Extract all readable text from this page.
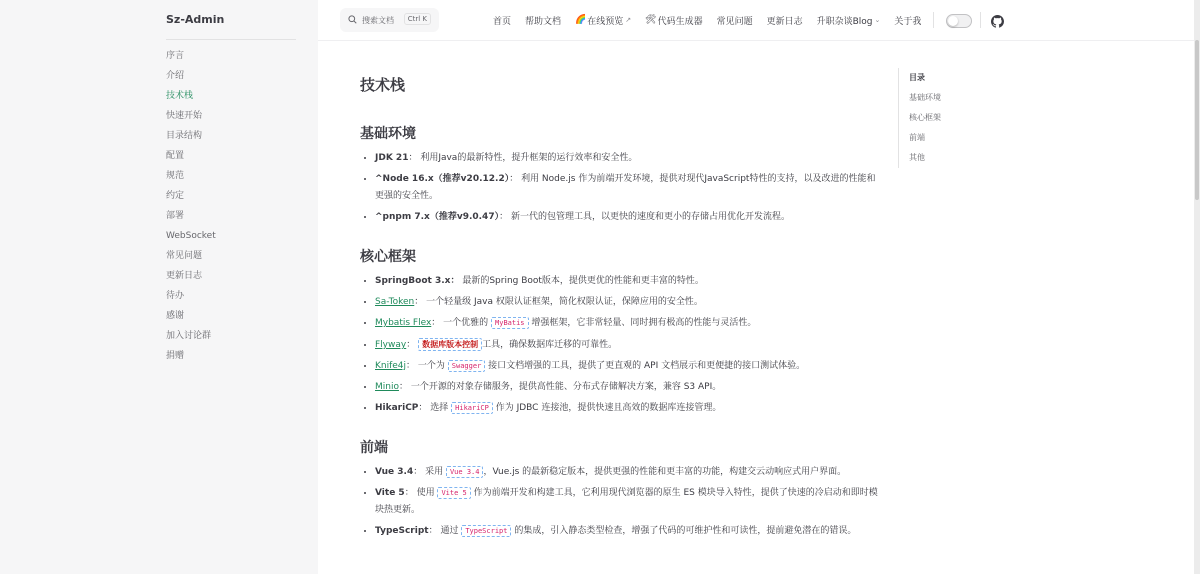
Sz-Admin
序言
介绍
技术栈
快速开始
目录结构
配置
规范
约定
部署
WebSocket
常见问题
更新日志
待办
感谢
加入讨论群
捐赠
搜索文档	Ctrl K	首页 帮助文档 🌈 在线预览 ↗ 🛠 代码生成器 常见问题 更新日志 升职杂谈Blog ⌄ 关于我
技术栈
基础环境
• JDK 21： 利用Java的最新特性，提升框架的运行效率和安全性。
• ^Node 16.x（推荐v20.12.2）： 利用 Node.js 作为前端开发环境，提供对现代JavaScript特性的支持，以及改进的性能和更强的安全性。
• ^pnpm 7.x（推荐v9.0.47）： 新一代的包管理工具，以更快的速度和更小的存储占用优化开发流程。
核心框架
• SpringBoot 3.x： 最新的Spring Boot版本，提供更优的性能和更丰富的特性。
• Sa-Token： 一个轻量级 Java 权限认证框架，简化权限认证，保障应用的安全性。
• Mybatis Flex： 一个优雅的 MyBatis 增强框架，它非常轻量、同时拥有极高的性能与灵活性。
• Flyway： 数据库版本控制 工具，确保数据库迁移的可靠性。
• Knife4j： 一个为 Swagger 接口文档增强的工具，提供了更直观的 API 文档展示和更便捷的接口测试体验。
• Minio： 一个开源的对象存储服务，提供高性能、分布式存储解决方案，兼容 S3 API。
• HikariCP： 选择 HikariCP 作为 JDBC 连接池，提供快速且高效的数据库连接管理。
前端
• Vue 3.4： 采用 Vue 3.4 ，Vue.js 的最新稳定版本，提供更强的性能和更丰富的功能，构建交云动响应式用户界面。
• Vite 5： 使用 Vite 5 作为前端开发和构建工具，它利用现代浏览器的原生 ES 模块导入特性，提供了快速的冷启动和即时模块热更新。
• TypeScript： 通过 TypeScript 的集成，引入静态类型检查，增强了代码的可维护性和可读性，提前避免潜在的错误。
目录
基础环境
核心框架
前端
其他
